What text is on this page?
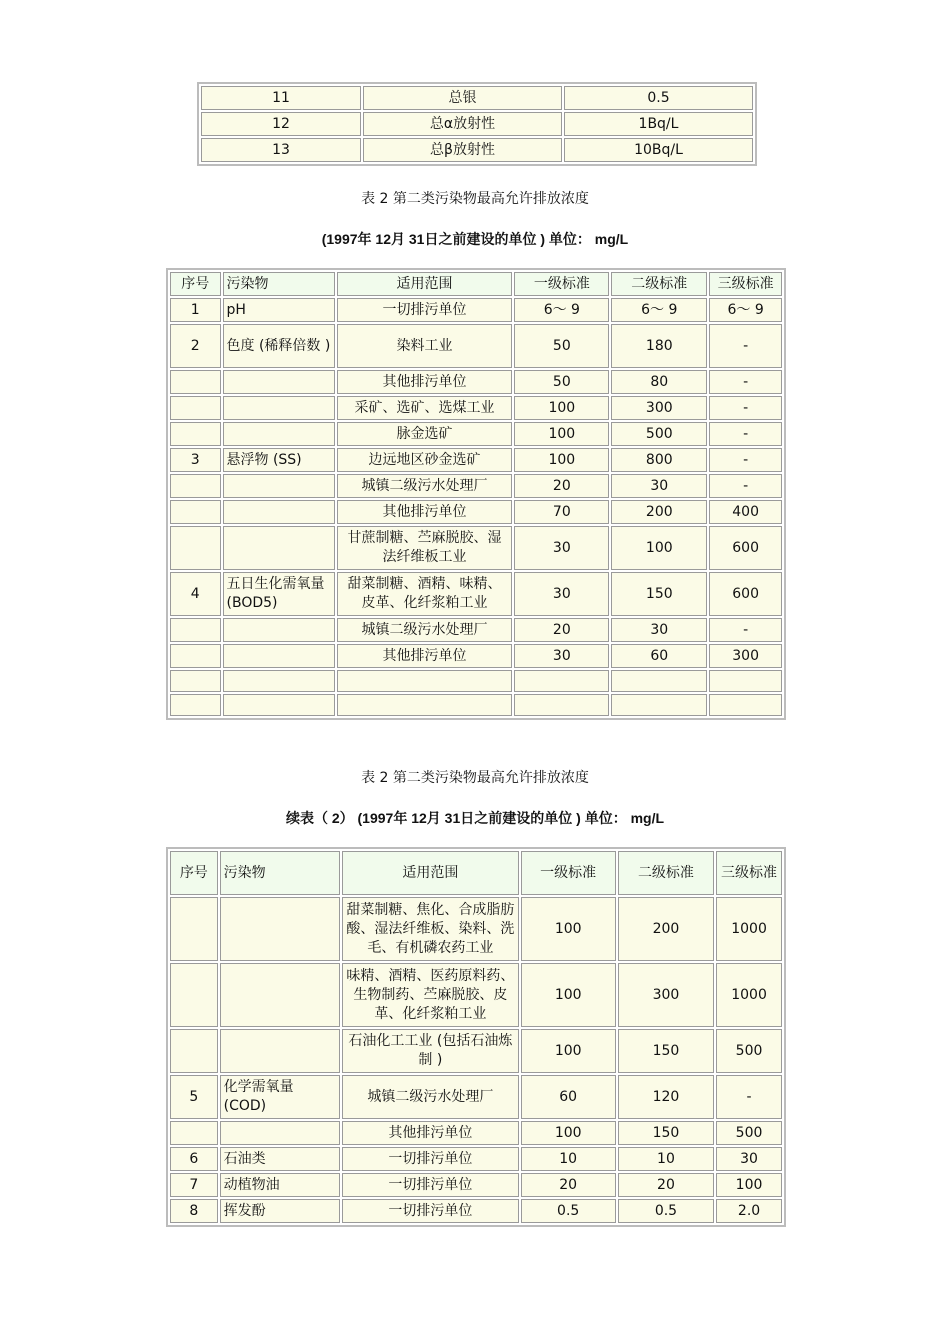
11	总银	0.5
12	总α放射性	1Bq/L
13	总β放射性	10Bq/L
表 2 第二类污染物最高允许排放浓度
(1997年 12月 31日之前建设的单位 ) 单位： mg/L
序号	污染物	适用范围	一级标准	二级标准	三级标准
1	pH	一切排污单位	6～ 9	6～ 9	6～ 9
2	色度 (稀释倍数 )	染料工业	50	180	-
		其他排污单位	50	80	-
		采矿、选矿、选煤工业	100	300	-
		脉金选矿	100	500	-
3	悬浮物 (SS)	边远地区砂金选矿	100	800	-
		城镇二级污水处理厂	20	30	-
		其他排污单位	70	200	400
		甘蔗制糖、苎麻脱胶、湿法纤维板工业	30	100	600
4	五日生化需氧量 (BOD5)	甜菜制糖、酒精、味精、皮革、化纤浆粕工业	30	150	600
		城镇二级污水处理厂	20	30	-
		其他排污单位	30	60	300

表 2 第二类污染物最高允许排放浓度
续表（ 2） (1997年 12月 31日之前建设的单位 ) 单位： mg/L
序号	污染物	适用范围	一级标准	二级标准	三级标准
		甜菜制糖、焦化、合成脂肪酸、湿法纤维板、染料、洗毛、有机磷农药工业	100	200	1000
		味精、酒精、医药原料药、生物制药、苎麻脱胶、皮革、化纤浆粕工业	100	300	1000
		石油化工工业 (包括石油炼制 )	100	150	500
5	化学需氧量 (COD)	城镇二级污水处理厂	60	120	-
		其他排污单位	100	150	500
6	石油类	一切排污单位	10	10	30
7	动植物油	一切排污单位	20	20	100
8	挥发酚	一切排污单位	0.5	0.5	2.0
